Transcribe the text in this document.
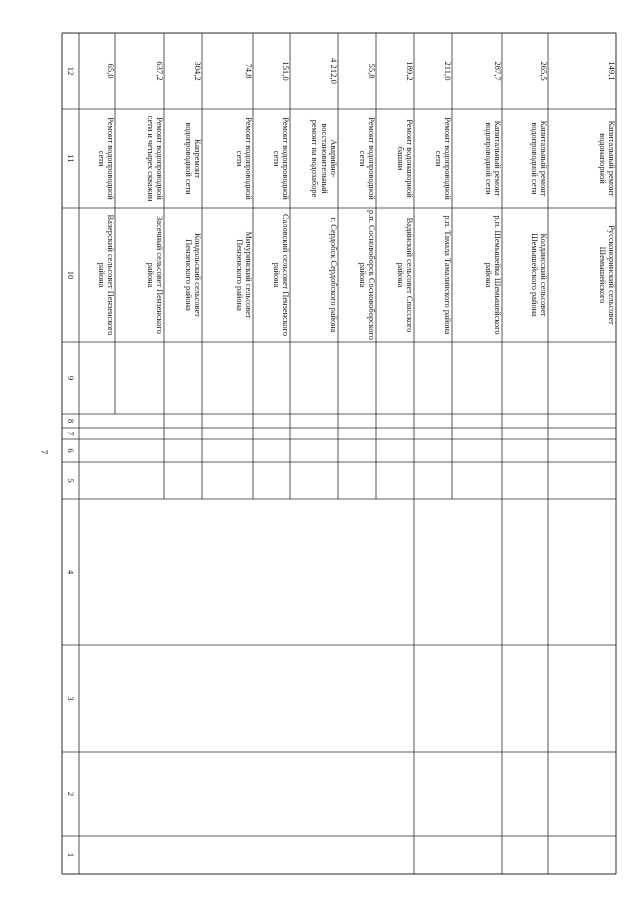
7
1
2
3
4
5
6
7
8
9
10
11
12	65,0
Ремонт водопроводной сети
Вазерский сельсовет Пензенского района
637,2
Ремонт водопроводной сети и четырех скважин
Засечный сельсовет Пензенского района
304,2
Капремонт водопроводной сети
Кондольский сельсовет Пензенского района
74,8
Ремонт водопроводной сети
Мичуринский сельсовет Пензенского района
151,0
Ремонт водопроводной сети
Саловский сельсовет Пензенского района
4 212,0
Аварийно-восстановительный ремонт на водозаборе
г. Сердобск Сердобского района
55,8
Ремонт водопроводной сети
р.п. Сосновоборск Сосновоборского района
189,2
Ремонт водонапорной башни
Вадинский сельсовет Спасского района
211,0
Ремонт водопроводной сети
р.п. Тамала Тамалинского района
287,7
Капитальный ремонт водопроводной сети
р.п. Шемышейка Шемышейского района
265,5
Капитальный ремонт водопроводной сети
Колдаисский сельсовет Шемышейского района
149,1
Капитальный ремонт водонапорной
Руссконоринский сельсовет Шемышейского
